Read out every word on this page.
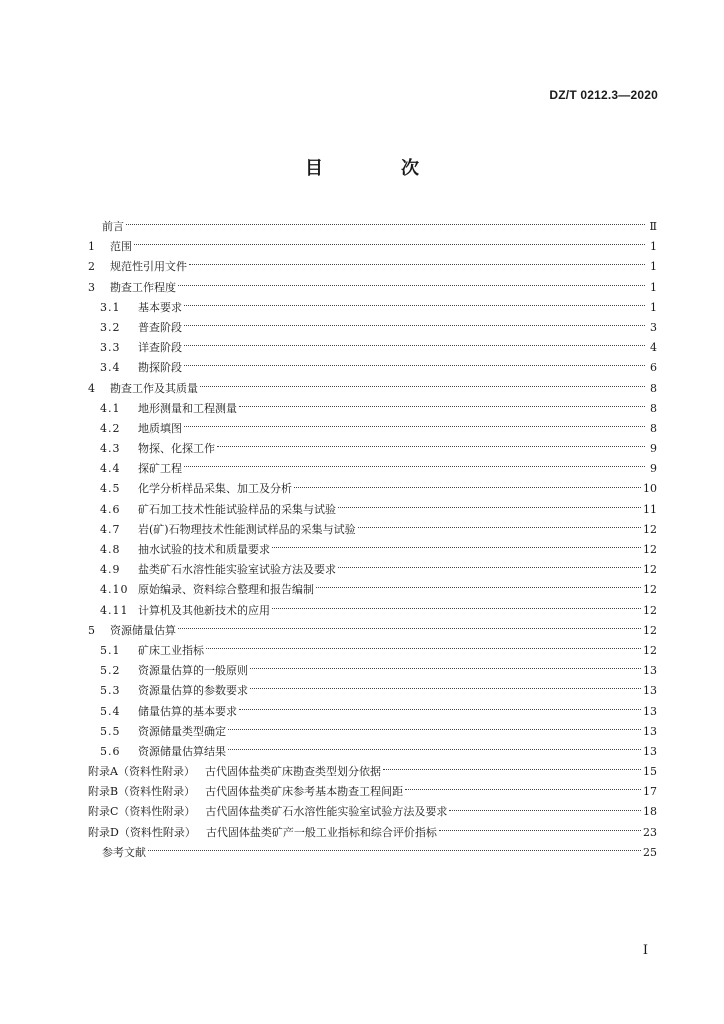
DZ/T 0212.3—2020
目　次
前言	Ⅱ
1	范围	1
2	规范性引用文件	1
3	勘查工作程度	1
3.1	基本要求	1
3.2	普查阶段	3
3.3	详查阶段	4
3.4	勘探阶段	6
4	勘查工作及其质量	8
4.1	地形测量和工程测量	8
4.2	地质填图	8
4.3	物探、化探工作	9
4.4	探矿工程	9
4.5	化学分析样品采集、加工及分析	10
4.6	矿石加工技术性能试验样品的采集与试验	11
4.7	岩(矿)石物理技术性能测试样品的采集与试验	12
4.8	抽水试验的技术和质量要求	12
4.9	盐类矿石水溶性能实验室试验方法及要求	12
4.10 原始编录、资料综合整理和报告编制	12
4.11 计算机及其他新技术的应用	12
5	资源储量估算	12
5.1	矿床工业指标	12
5.2	资源量估算的一般原则	13
5.3	资源量估算的参数要求	13
5.4	储量估算的基本要求	13
5.5	资源储量类型确定	13
5.6	资源储量估算结果	13
附录A（资料性附录） 古代固体盐类矿床勘查类型划分依据	15
附录B（资料性附录） 古代固体盐类矿床参考基本勘查工程间距	17
附录C（资料性附录） 古代固体盐类矿石水溶性能实验室试验方法及要求	18
附录D（资料性附录） 古代固体盐类矿产一般工业指标和综合评价指标	23
参考文献	25
I
